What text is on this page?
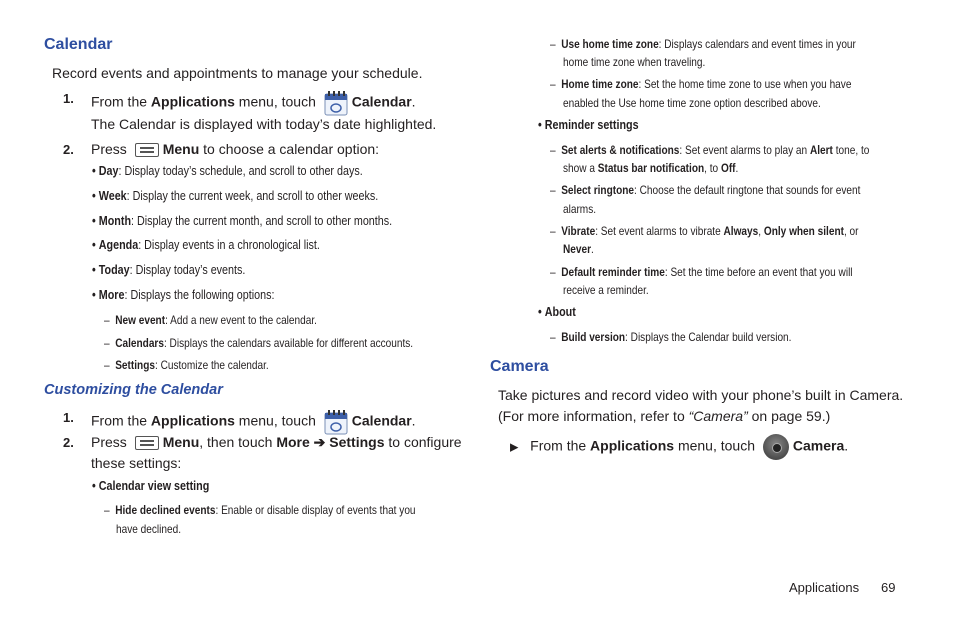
Calendar
Record events and appointments to manage your schedule.
1. From the Applications menu, touch Calendar.
The Calendar is displayed with today’s date highlighted.
2. Press Menu to choose a calendar option:
• Day: Display today’s schedule, and scroll to other days.
• Week: Display the current week, and scroll to other weeks.
• Month: Display the current month, and scroll to other months.
• Agenda: Display events in a chronological list.
• Today: Display today’s events.
• More: Displays the following options:
–  New event: Add a new event to the calendar.
–  Calendars: Displays the calendars available for different accounts.
–  Settings: Customize the calendar.
Customizing the Calendar
1. From the Applications menu, touch Calendar.
2. Press Menu, then touch More ➔ Settings to configure
these settings:
• Calendar view setting
–  Hide declined events: Enable or disable display of events that you
have declined.
–  Use home time zone: Displays calendars and event times in your
home time zone when traveling.
–  Home time zone: Set the home time zone to use when you have
enabled the Use home time zone option described above.
• Reminder settings
–  Set alerts & notifications: Set event alarms to play an Alert tone, to
show a Status bar notification, to Off.
–  Select ringtone: Choose the default ringtone that sounds for event
alarms.
–  Vibrate: Set event alarms to vibrate Always, Only when silent, or
Never.
–  Default reminder time: Set the time before an event that you will
receive a reminder.
• About
–  Build version: Displays the Calendar build version.
Camera
Take pictures and record video with your phone’s built in Camera.
(For more information, refer to “Camera” on page 59.)
▶ From the Applications menu, touch Camera.
Applications 69
